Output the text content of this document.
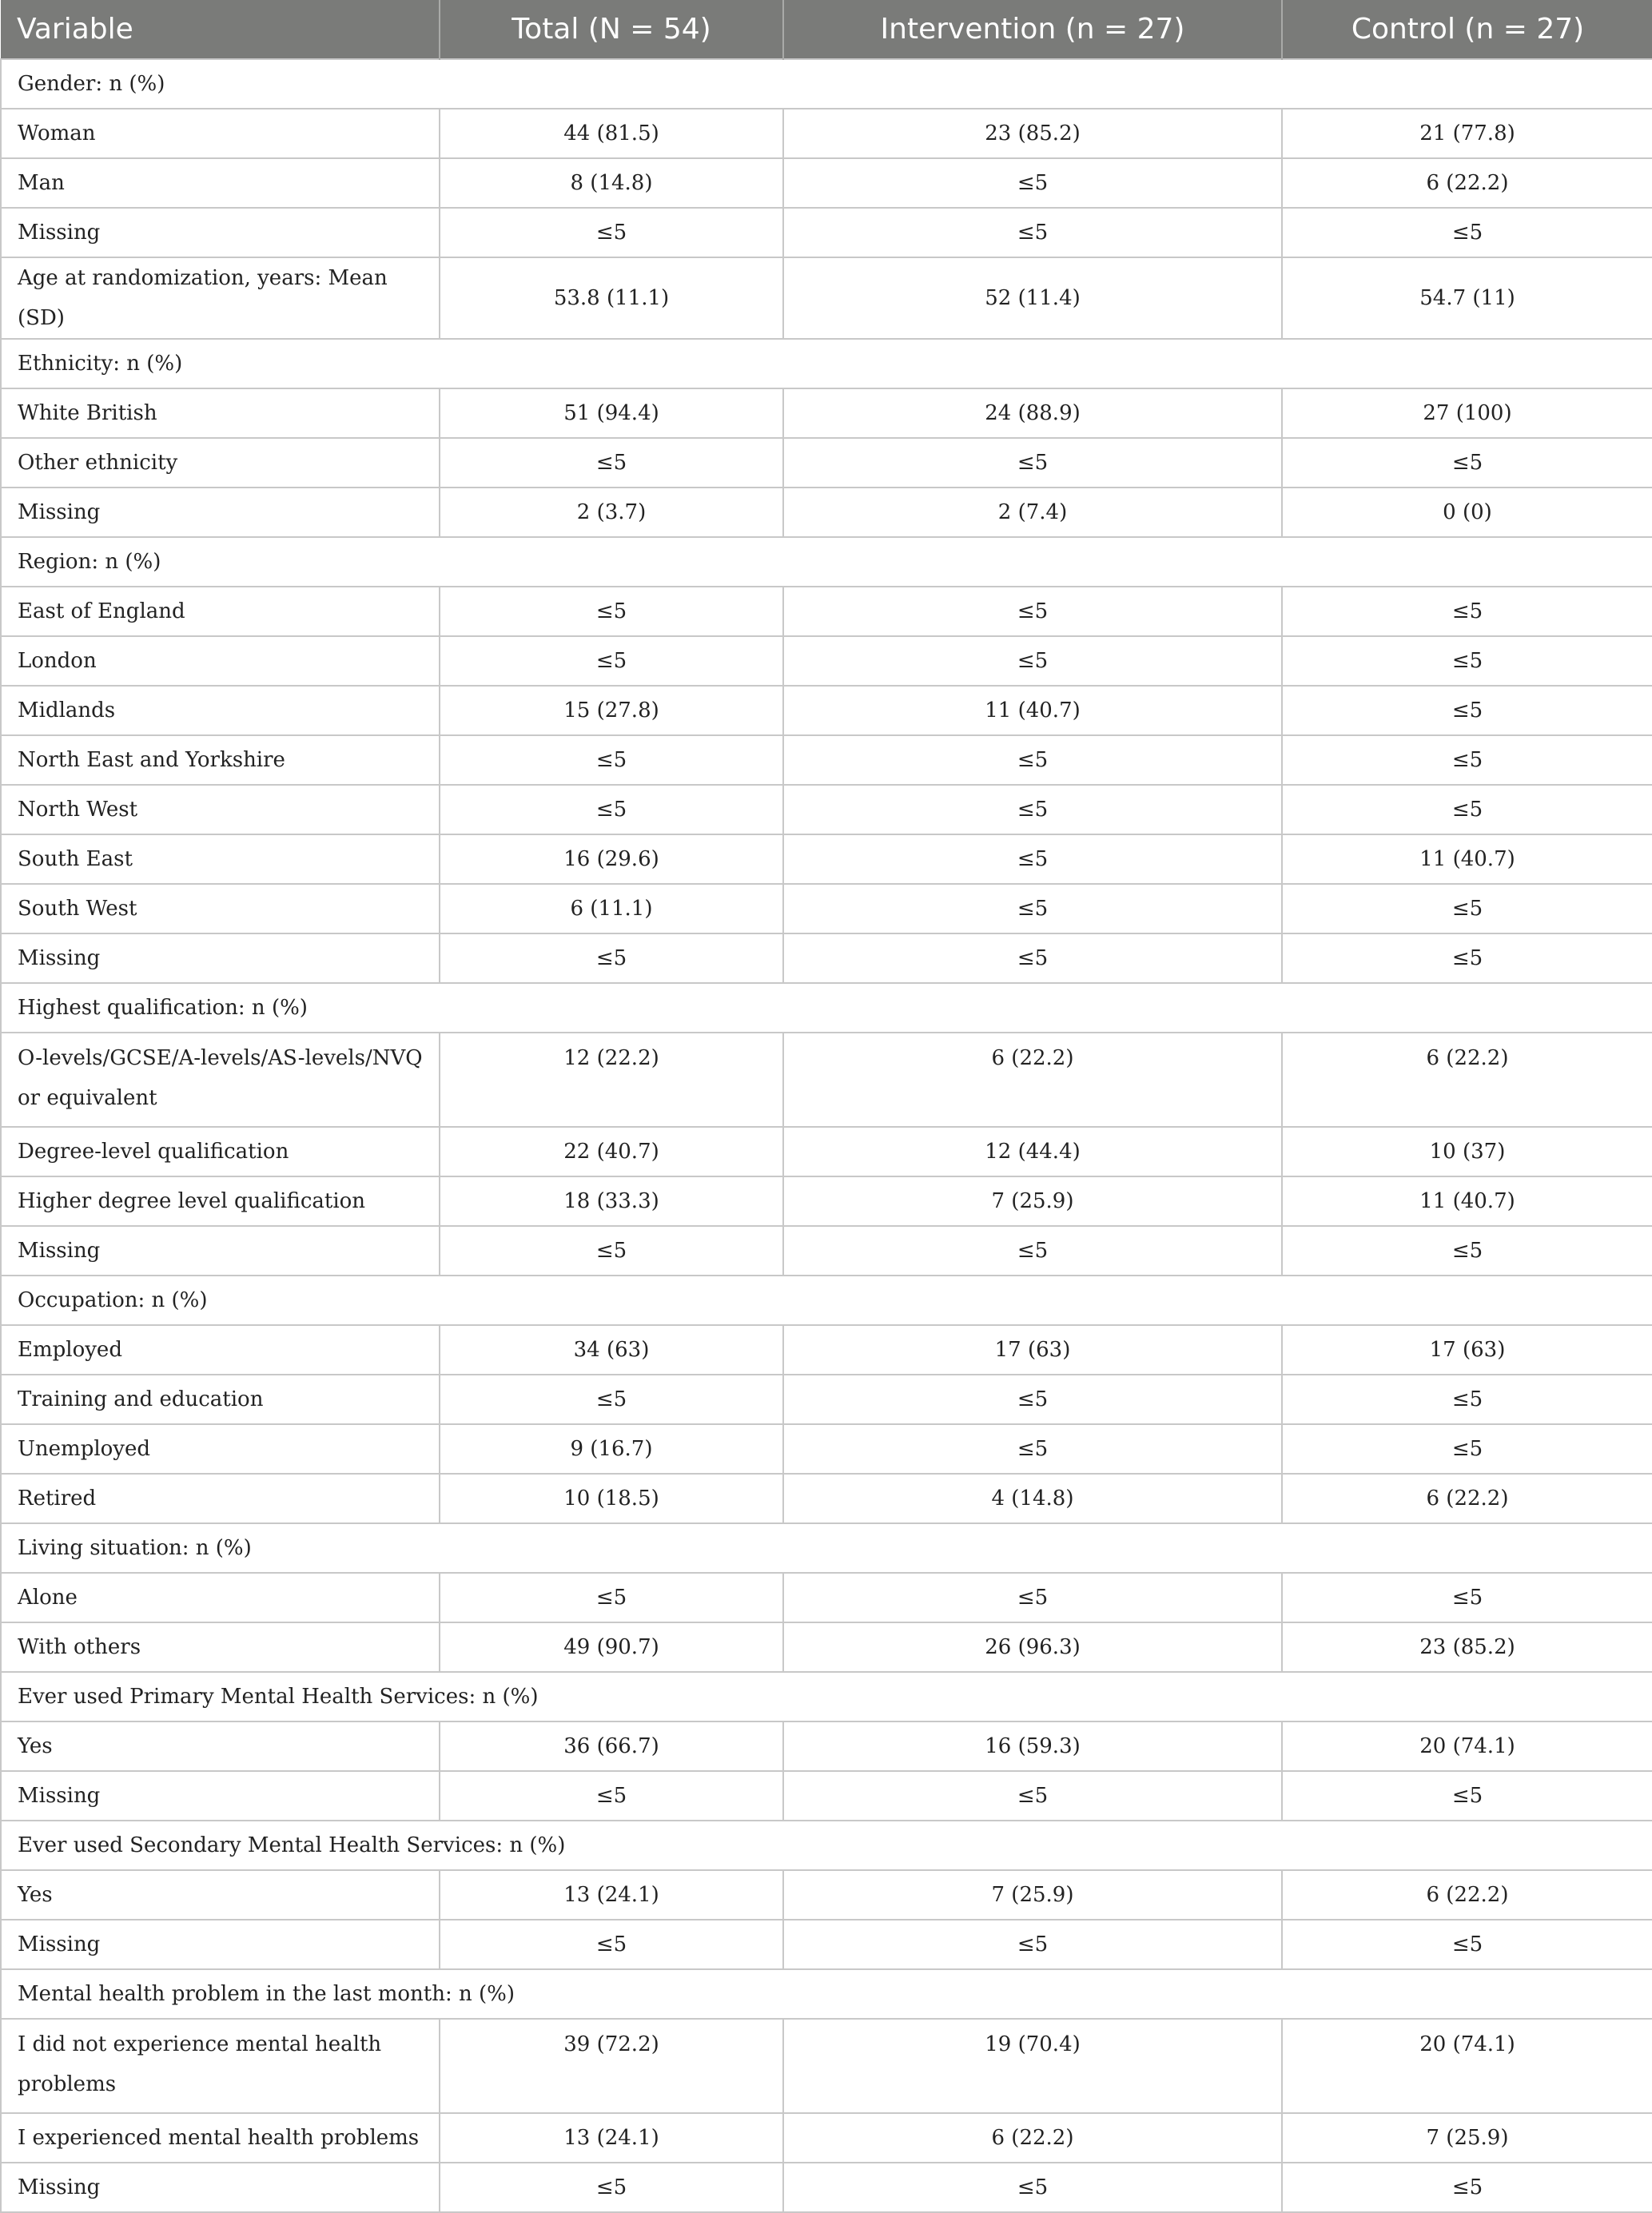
Variable	Total (N = 54)	Intervention (n = 27)	Control (n = 27)
Gender: n (%)			
Woman	44 (81.5)	23 (85.2)	21 (77.8)
Man	8 (14.8)	≤5	6 (22.2)
Missing	≤5	≤5	≤5
Age at randomization, years: Mean (SD)	53.8 (11.1)	52 (11.4)	54.7 (11)
Ethnicity: n (%)			
White British	51 (94.4)	24 (88.9)	27 (100)
Other ethnicity	≤5	≤5	≤5
Missing	2 (3.7)	2 (7.4)	0 (0)
Region: n (%)			
East of England	≤5	≤5	≤5
London	≤5	≤5	≤5
Midlands	15 (27.8)	11 (40.7)	≤5
North East and Yorkshire	≤5	≤5	≤5
North West	≤5	≤5	≤5
South East	16 (29.6)	≤5	11 (40.7)
South West	6 (11.1)	≤5	≤5
Missing	≤5	≤5	≤5
Highest qualification: n (%)			
O-levels/GCSE/A-levels/AS-levels/NVQ or equivalent	12 (22.2)	6 (22.2)	6 (22.2)
Degree-level qualification	22 (40.7)	12 (44.4)	10 (37)
Higher degree level qualification	18 (33.3)	7 (25.9)	11 (40.7)
Missing	≤5	≤5	≤5
Occupation: n (%)			
Employed	34 (63)	17 (63)	17 (63)
Training and education	≤5	≤5	≤5
Unemployed	9 (16.7)	≤5	≤5
Retired	10 (18.5)	4 (14.8)	6 (22.2)
Living situation: n (%)			
Alone	≤5	≤5	≤5
With others	49 (90.7)	26 (96.3)	23 (85.2)
Ever used Primary Mental Health Services: n (%)			
Yes	36 (66.7)	16 (59.3)	20 (74.1)
Missing	≤5	≤5	≤5
Ever used Secondary Mental Health Services: n (%)			
Yes	13 (24.1)	7 (25.9)	6 (22.2)
Missing	≤5	≤5	≤5
Mental health problem in the last month: n (%)			
I did not experience mental health problems	39 (72.2)	19 (70.4)	20 (74.1)
I experienced mental health problems	13 (24.1)	6 (22.2)	7 (25.9)
Missing	≤5	≤5	≤5
